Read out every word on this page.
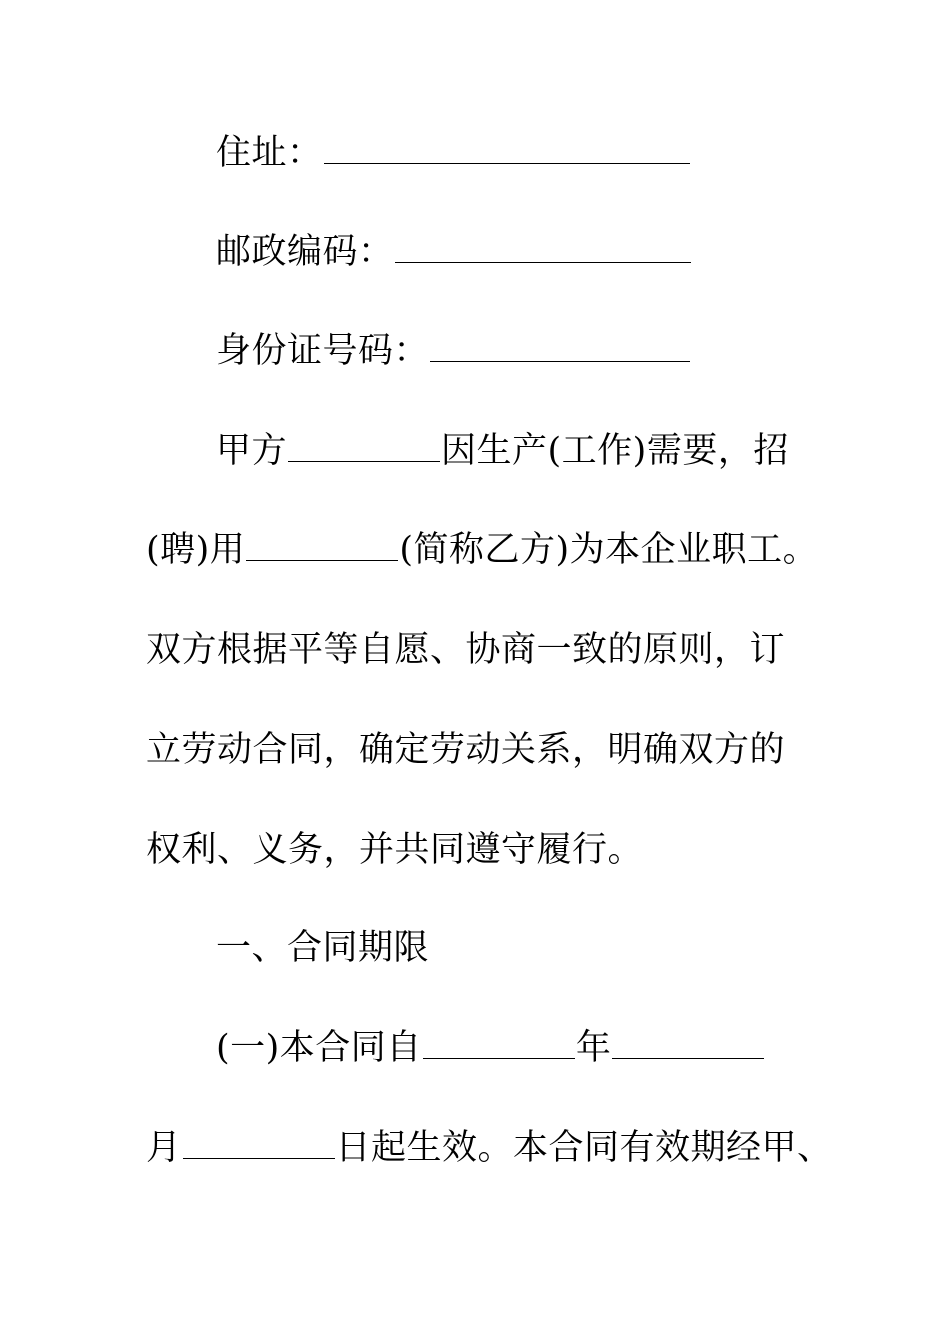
住址：
邮政编码：
身份证号码：
甲方	因生产(工作)需要，招
(聘)用	(简称乙方)为本企业职工。
双方根据平等自愿、协商一致的原则，订
立劳动合同，确定劳动关系，明确双方的
权利、义务，并共同遵守履行。
一、合同期限
(一)本合同自	年
月	日起生效。本合同有效期经甲、
